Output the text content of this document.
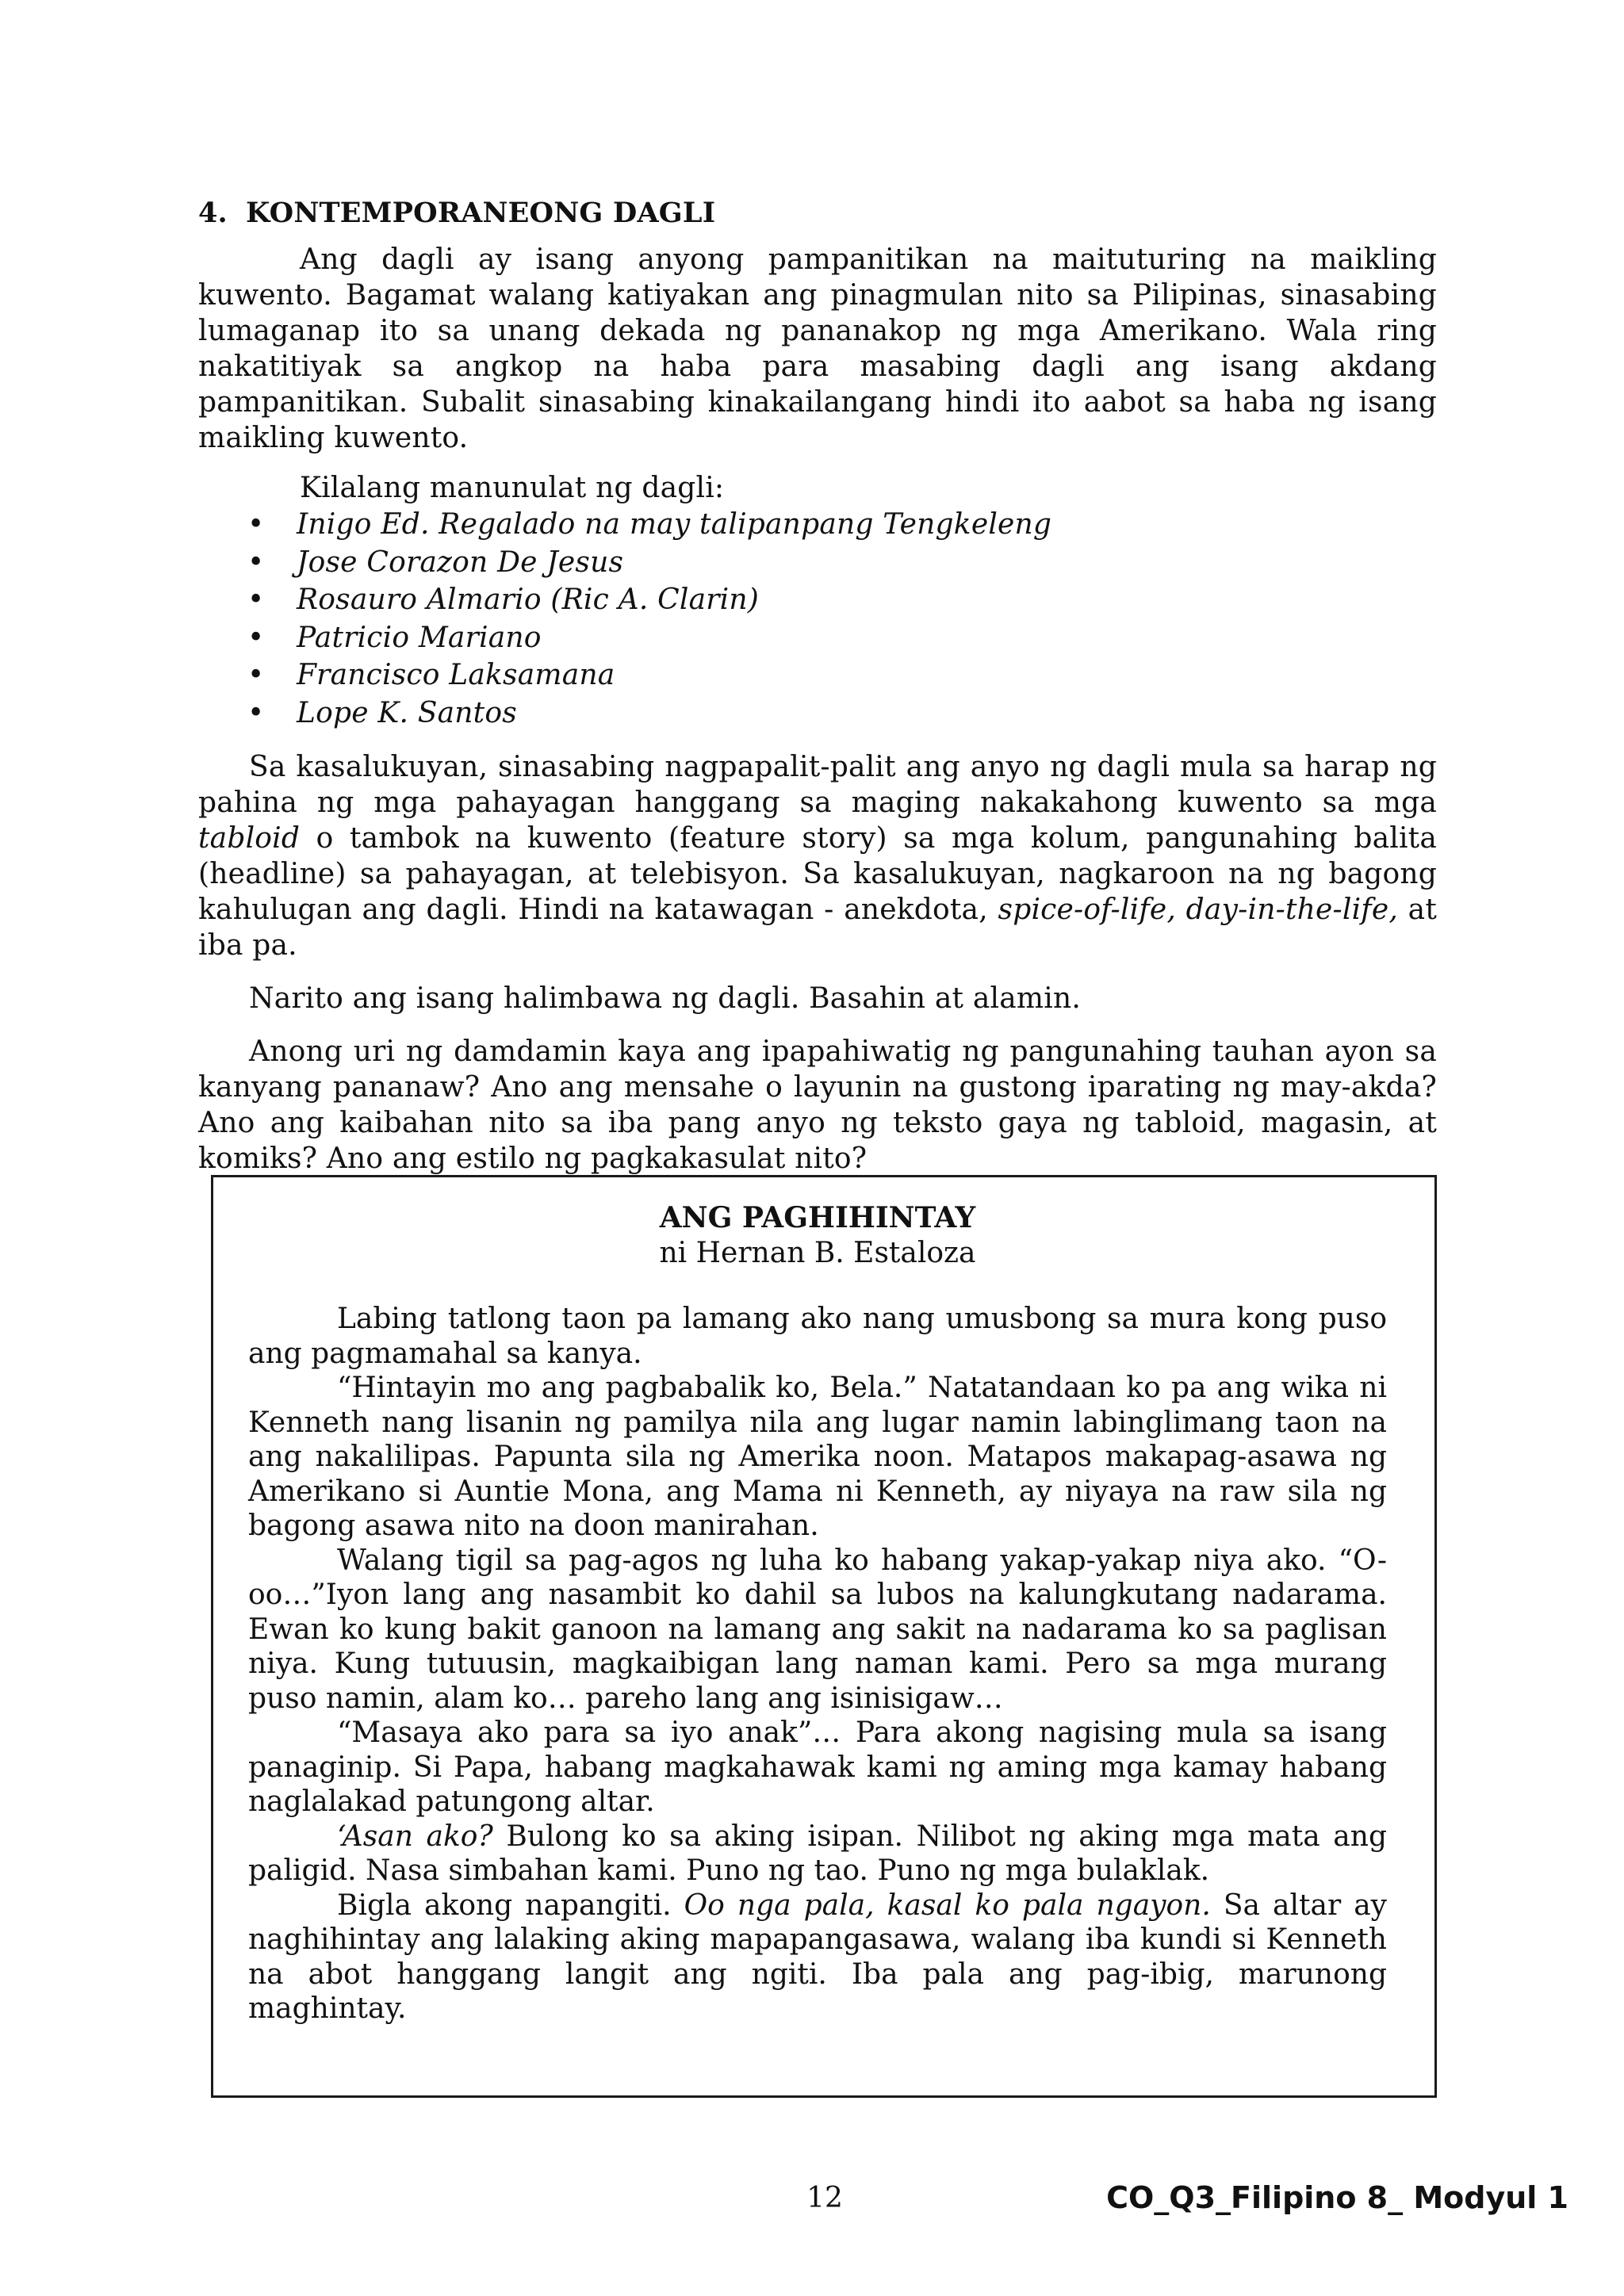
4. KONTEMPORANEONG DAGLI

Ang dagli ay isang anyong pampanitikan na maituturing na maikling kuwento. Bagamat walang katiyakan ang pinagmulan nito sa Pilipinas, sinasabing lumaganap ito sa unang dekada ng pananakop ng mga Amerikano. Wala ring nakatitiyak sa angkop na haba para masabing dagli ang isang akdang pampanitikan. Subalit sinasabing kinakailangang hindi ito aabot sa haba ng isang maikling kuwento.

Kilalang manunulat ng dagli:

• Inigo Ed. Regalado na may talipanpang Tengkeleng
• Jose Corazon De Jesus
• Rosauro Almario (Ric A. Clarin)
• Patricio Mariano
• Francisco Laksamana
• Lope K. Santos

Sa kasalukuyan, sinasabing nagpapalit-palit ang anyo ng dagli mula sa harap ng pahina ng mga pahayagan hanggang sa maging nakakahong kuwento sa mga tabloid o tambok na kuwento (feature story) sa mga kolum, pangunahing balita (headline) sa pahayagan, at telebisyon. Sa kasalukuyan, nagkaroon na ng bagong kahulugan ang dagli. Hindi na katawagan - anekdota, spice-of-life, day-in-the-life, at iba pa.

Narito ang isang halimbawa ng dagli. Basahin at alamin.

Anong uri ng damdamin kaya ang ipapahiwatig ng pangunahing tauhan ayon sa kanyang pananaw? Ano ang mensahe o layunin na gustong iparating ng may-akda? Ano ang kaibahan nito sa iba pang anyo ng teksto gaya ng tabloid, magasin, at komiks? Ano ang estilo ng pagkakasulat nito?

ANG PAGHIHINTAY
ni Hernan B. Estaloza

Labing tatlong taon pa lamang ako nang umusbong sa mura kong puso ang pagmamahal sa kanya.

“Hintayin mo ang pagbabalik ko, Bela.” Natatandaan ko pa ang wika ni Kenneth nang lisanin ng pamilya nila ang lugar namin labinglimang taon na ang nakalilipas. Papunta sila ng Amerika noon. Matapos makapag-asawa ng Amerikano si Auntie Mona, ang Mama ni Kenneth, ay niyaya na raw sila ng bagong asawa nito na doon manirahan.

Walang tigil sa pag-agos ng luha ko habang yakap-yakap niya ako. “O-oo…”Iyon lang ang nasambit ko dahil sa lubos na kalungkutang nadarama. Ewan ko kung bakit ganoon na lamang ang sakit na nadarama ko sa paglisan niya. Kung tutuusin, magkaibigan lang naman kami. Pero sa mga murang puso namin, alam ko… pareho lang ang isinisigaw…

“Masaya ako para sa iyo anak”… Para akong nagising mula sa isang panaginip. Si Papa, habang magkahawak kami ng aming mga kamay habang naglalakad patungong altar.

‘Asan ako? Bulong ko sa aking isipan. Nilibot ng aking mga mata ang paligid. Nasa simbahan kami. Puno ng tao. Puno ng mga bulaklak.

Bigla akong napangiti. Oo nga pala, kasal ko pala ngayon. Sa altar ay naghihintay ang lalaking aking mapapangasawa, walang iba kundi si Kenneth na abot hanggang langit ang ngiti. Iba pala ang pag-ibig, marunong maghintay.

12	CO_Q3_Filipino 8_ Modyul 1
